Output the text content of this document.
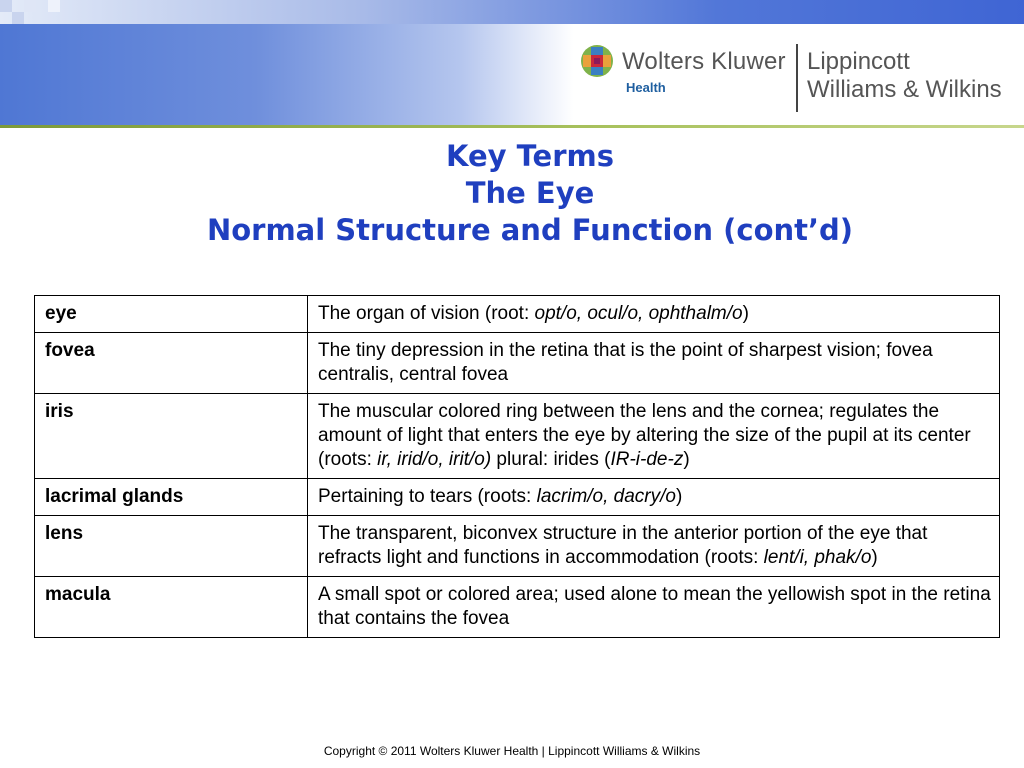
Wolters Kluwer
Health
Lippincott
Williams & Wilkins
Key Terms
The Eye
Normal Structure and Function (cont’d)
eye	The organ of vision (root: opt/o, ocul/o, ophthalm/o)
fovea	The tiny depression in the retina that is the point of sharpest vision; fovea centralis, central fovea
iris	The muscular colored ring between the lens and the cornea; regulates the amount of light that enters the eye by altering the size of the pupil at its center (roots: ir, irid/o, irit/o) plural: irides (IR-i-de-z)
lacrimal glands	Pertaining to tears (roots: lacrim/o, dacry/o)
lens	The transparent, biconvex structure in the anterior portion of the eye that refracts light and functions in accommodation (roots: lent/i, phak/o)
macula	A small spot or colored area; used alone to mean the yellowish spot in the retina that contains the fovea
Copyright © 2011 Wolters Kluwer Health | Lippincott Williams & Wilkins
